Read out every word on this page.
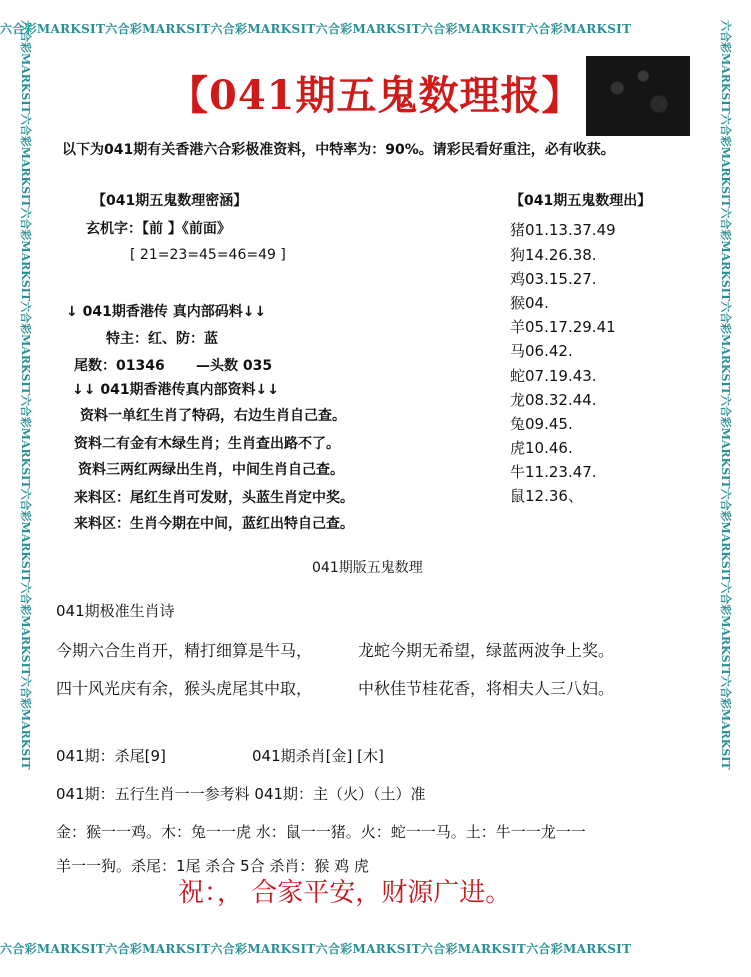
六合彩MARKSIT六合彩MARKSIT六合彩MARKSIT六合彩MARKSIT六合彩MARKSIT六合彩MARKSIT
六合彩MARKSIT六合彩MARKSIT六合彩MARKSIT六合彩MARKSIT六合彩MARKSIT六合彩MARKSIT
六合彩MARKSIT六合彩MARKSIT六合彩MARKSIT六合彩MARKSIT六合彩MARKSIT六合彩MARKSIT六合彩MARKSIT六合彩MARKSIT
六合彩MARKSIT六合彩MARKSIT六合彩MARKSIT六合彩MARKSIT六合彩MARKSIT六合彩MARKSIT六合彩MARKSIT六合彩MARKSIT
【041期五鬼数理报】
以下为041期有关香港六合彩极准资料，中特率为：90%。请彩民看好重注，必有收获。
【041期五鬼数理密涵】
玄机字：【前 】《前面》
[ 21=23=45=46=49 ]
↓ 041期香港传 真内部码料↓↓
特主：红、防：蓝
尾数：01346 —头数 035
↓↓ 041期香港传真内部资料↓↓
资料一单红生肖了特码，右边生肖自己查。
资料二有金有木绿生肖；生肖查出路不了。
资料三两红两绿出生肖，中间生肖自己查。
来料区：尾红生肖可发财，头蓝生肖定中奖。
来料区：生肖今期在中间，蓝红出特自己查。
【041期五鬼数理出】
猪01.13.37.49
狗14.26.38.
鸡03.15.27.
猴04.
羊05.17.29.41
马06.42.
蛇07.19.43.
龙08.32.44.
兔09.45.
虎10.46.
牛11.23.47.
鼠12.36、
041期版五鬼数理
041期极准生肖诗
今期六合生肖开，精打细算是牛马，	龙蛇今期无希望，绿蓝两波争上奖。
四十风光庆有余，猴头虎尾其中取，	中秋佳节桂花香，将相夫人三八妇。
041期：杀尾[9]	041期杀肖[金] [木]
041期：五行生肖一一参考料 041期：主（火）（土）准
金：猴一一鸡。木：兔一一虎 水：鼠一一猪。火：蛇一一马。土：牛一一龙一一
羊一一狗。杀尾：1尾 杀合 5合 杀肖：猴 鸡 虎
祝：， 合家平安，财源广进。
